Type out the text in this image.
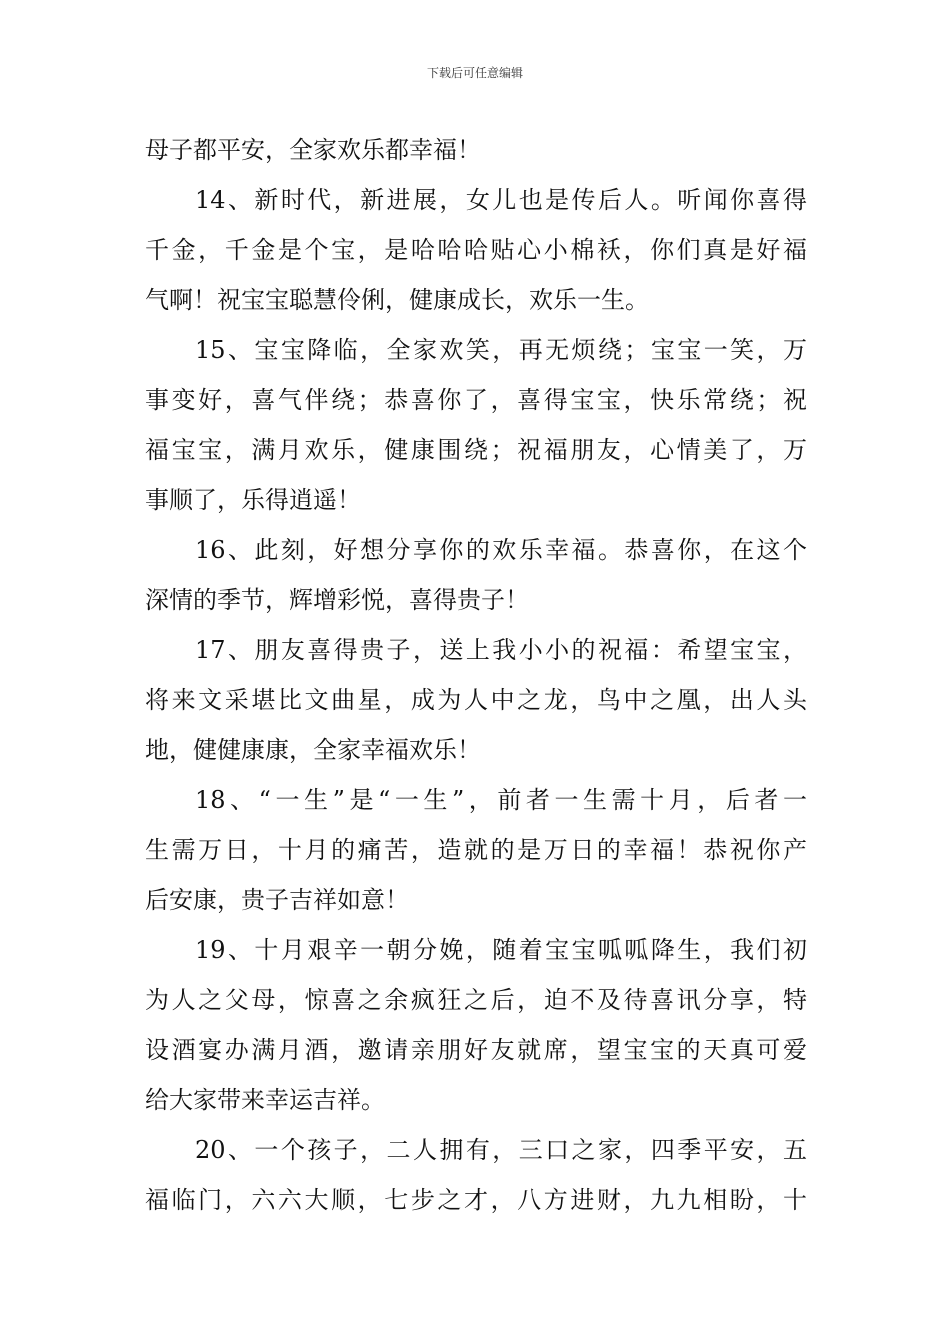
下载后可任意编辑
母子都平安，全家欢乐都幸福！
14、新时代，新进展，女儿也是传后人。听闻你喜得
千金，千金是个宝，是哈哈哈贴心小棉袄，你们真是好福
气啊！祝宝宝聪慧伶俐，健康成长，欢乐一生。
15、宝宝降临，全家欢笑，再无烦绕；宝宝一笑，万
事变好，喜气伴绕；恭喜你了，喜得宝宝，快乐常绕；祝
福宝宝，满月欢乐，健康围绕；祝福朋友，心情美了，万
事顺了，乐得逍遥！
16、此刻，好想分享你的欢乐幸福。恭喜你，在这个
深情的季节，辉增彩悦，喜得贵子！
17、朋友喜得贵子，送上我小小的祝福：希望宝宝，
将来文采堪比文曲星，成为人中之龙，鸟中之凰，出人头
地，健健康康，全家幸福欢乐！
18、“一生”是“一生”，前者一生需十月，后者一
生需万日，十月的痛苦，造就的是万日的幸福！恭祝你产
后安康，贵子吉祥如意！
19、十月艰辛一朝分娩，随着宝宝呱呱降生，我们初
为人之父母，惊喜之余疯狂之后，迫不及待喜讯分享，特
设酒宴办满月酒，邀请亲朋好友就席，望宝宝的天真可爱
给大家带来幸运吉祥。
20、一个孩子，二人拥有，三口之家，四季平安，五
福临门，六六大顺，七步之才，八方进财，九九相盼，十
